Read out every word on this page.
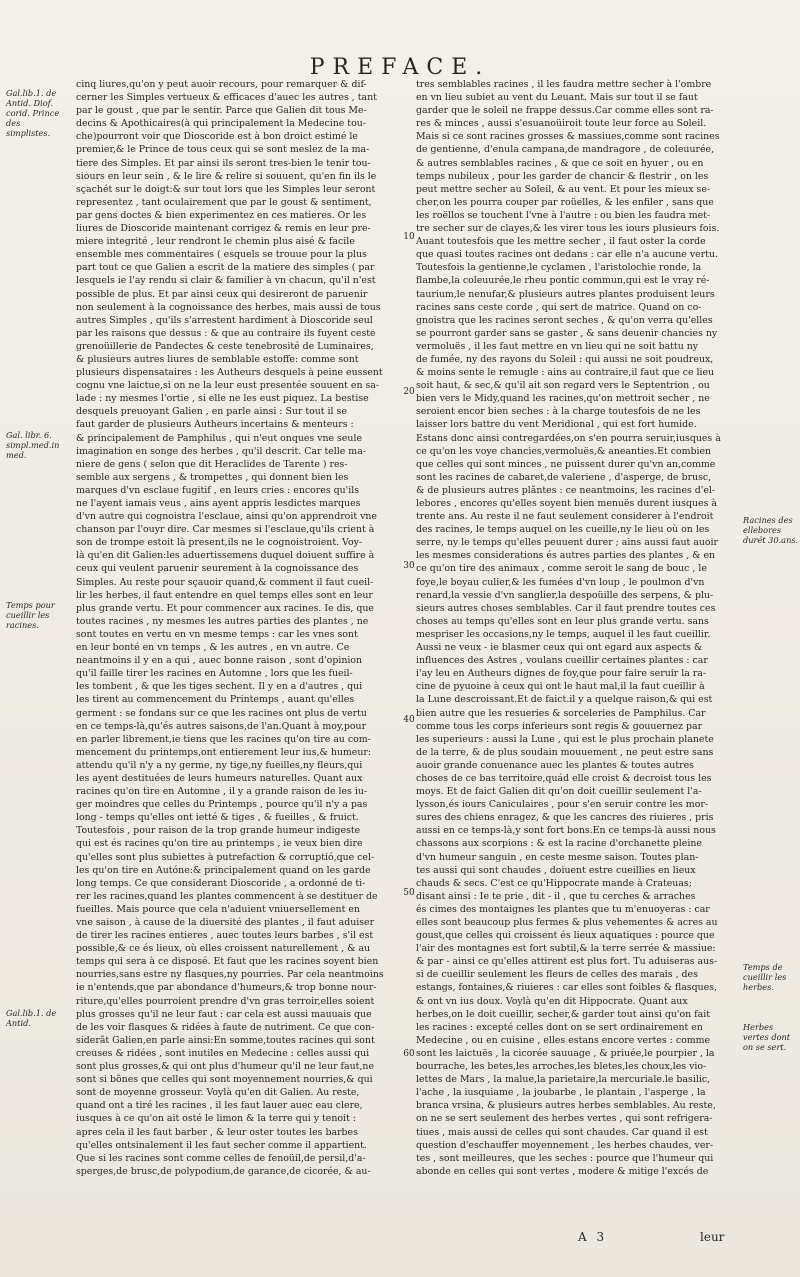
PREFACE.
Gal.lib.1. de Antid. Diof. corid. Prince des simplistes.
Gal. libr. 6. simpl.med.in med.
Temps pour cueillir les racines.
Gal.lib.1. de Antid.
Racines des ellebores durét 30.ans.
Temps de cueillir les herbes.
Herbes vertes dont on se sert.
10
20
30
40
50
60
cinq liures,qu'on y peut auoir recours, pour remarquer & dif-
cerner les Simples vertueux & efficaces d'auec les autres , tant
par le goust , que par le sentir. Parce que Galien dit tous Me-
decins & Apothicaires(à qui principalement la Medecine tou-
che)pourront voir que Dioscoride est à bon droict estimé le
premier,& le Prince de tous ceux qui se sont meslez de la ma-
tiere des Simples. Et par ainsi ils seront tres-bien le tenir tou-
siours en leur sein , & le lire & relire si souuent, qu'en fin ils le
sçachét sur le doigt:& sur tout lors que les Simples leur seront
representez , tant oculairement que par le goust & sentiment,
par gens doctes & bien experimentez en ces matieres. Or les
liures de Dioscoride maintenant corrigez & remis en leur pre-
miere integrité , leur rendront le chemin plus aisé & facile
ensemble mes commentaires ( esquels se trouue pour la plus
part tout ce que Galien a escrit de la matiere des simples ( par
lesquels ie l'ay rendu si clair & familier à vn chacun, qu'il n'est
possible de plus. Et par ainsi ceux qui desireront de paruenir
non seulement à la cognoissance des herbes, mais aussi de tous
autres Simples , qu'ils s'arrestent hardiment à Dioscoride seul
par les raisons que dessus : & que au contraire ils fuyent ceste
grenoüillerie de Pandectes & ceste tenebrosité de Luminaires,
& plusieurs autres liures de semblable estoffe: comme sont
plusieurs dispensataires : les Autheurs desquels à peine eussent
cognu vne laictue,si on ne la leur eust presentée souuent en sa-
lade : ny mesmes l'ortie , si elle ne les eust piquez. La bestise
desquels preuoyant Galien , en parle ainsi : Sur tout il se
faut garder de plusieurs Autheurs incertains & menteurs :
& principalement de Pamphilus , qui n'eut onques vne seule
imagination en songe des herbes , qu'il descrit. Car telle ma-
niere de gens ( selon que dit Heraclides de Tarente ) res-
semble aux sergens , & trompettes , qui donnent bien les
marques d'vn esclaue fugitif , en leurs cries : encores qu'ils
ne l'ayent iamais veus , ains ayent appris lesdictes marques
d'vn autre qui cognoistra l'esclaue, ainsi qu'on apprendroit vne
chanson par l'ouyr dire. Car mesmes si l'esclaue,qu'ils crient à
son de trompe estoit là present,ils ne le cognoistroient. Voy-
là qu'en dit Galien:les aduertissemens duquel doiuent suffire à
ceux qui veulent paruenir seurement à la cognoissance des
Simples. Au reste pour sçauoir quand,& comment il faut cueil-
lir les herbes, il faut entendre en quel temps elles sont en leur
plus grande vertu. Et pour commencer aux racines. Ie dis, que
toutes racines , ny mesmes les autres parties des plantes , ne
sont toutes en vertu en vn mesme temps : car les vnes sont
en leur bonté en vn temps , & les autres , en vn autre. Ce
neantmoins il y en a qui , auec bonne raison , sont d'opinion
qu'il faille tirer les racines en Automne , lors que les fueil-
les tombent , & que les tiges sechent. Il y en a d'autres , qui
les tirent au commencement du Printemps , auant qu'elles
germent : se fondans sur ce que les racines ont plus de vertu
en ce temps-là,qu'és autres saisons,de l'an.Quant à moy,pour
en parler librement,ie tiens que les racines qu'on tire au com-
mencement du printemps,ont entierement leur ius,& humeur:
attendu qu'il n'y a ny germe, ny tige,ny fueilles,ny fleurs,qui
les ayent destituées de leurs humeurs naturelles. Quant aux
racines qu'on tire en Automne , il y a grande raison de les iu-
ger moindres que celles du Printemps , pource qu'il n'y a pas
long - temps qu'elles ont ietté & tiges , & fueilles , & fruict.
Toutesfois , pour raison de la trop grande humeur indigeste
qui est és racines qu'on tire au printemps , ie veux bien dire
qu'elles sont plus subiettes à putrefaction & corruptió,que cel-
les qu'on tire en Autóne:& principalement quand on les garde
long temps. Ce que considerant Dioscoride , a ordonné de ti-
rer les racines,quand les plantes commencent à se destituer de
fueilles. Mais pource que cela n'aduient vniuersellement en
vne saison , à cause de la diuersité des plantes , il faut aduiser
de tirer les racines entieres , auec toutes leurs barbes , s'il est
possible,& ce és lieux, où elles croissent naturellement , & au
temps qui sera à ce disposé. Et faut que les racines soyent bien
nourries,sans estre ny flasques,ny pourries. Par cela neantmoins
ie n'entends,que par abondance d'humeurs,& trop bonne nour-
riture,qu'elles pourroient prendre d'vn gras terroir,elles soient
plus grosses qu'il ne leur faut : car cela est aussi mauuais que
de les voir flasques & ridées à faute de nutriment. Ce que con-
siderãt Galien,en parle ainsi:En somme,toutes racines qui sont
creuses & ridées , sont inutiles en Medecine : celles aussi qui
sont plus grosses,& qui ont plus d'humeur qu'il ne leur faut,ne
sont si bõnes que celles qui sont moyennement nourries,& qui
sont de moyenne grosseur. Voylà qu'en dit Galien. Au reste,
quand ont a tiré les racines , il les faut lauer auec eau clere,
iusques à ce qu'on ait osté le limon & la terre qui y tenoit :
apres cela il les faut barber , & leur oster toutes les barbes
qu'elles ontsinalement il les faut secher comme il appartient.
Que si les racines sont comme celles de fenoüil,de persil,d'a-
sperges,de brusc,de polypodium,de garance,de cicorée, & au-
tres semblables racines , il les faudra mettre secher à l'ombre
en vn lieu subiet au vent du Leuant. Mais sur tout il se faut
garder que le soleil ne frappe dessus.Car comme elles sont ra-
res & minces , aussi s'esuanoüiroit toute leur force au Soleil.
Mais si ce sont racines grosses & massiues,comme sont racines
de gentienne, d'enula campana,de mandragore , de coleuurée,
& autres semblables racines , & que ce soit en hyuer , ou en
temps nubileux , pour les garder de chancir & flestrir , on les
peut mettre secher au Soleil, & au vent. Et pour les mieux se-
cher,on les pourra couper par roüelles, & les enfiler , sans que
les roëllos se touchent l'vne à l'autre : ou bien les faudra met-
tre secher sur de clayes,& les virer tous les iours plusieurs fois.
Auant toutesfois que les mettre secher , il faut oster la corde
que quasi toutes racines ont dedans : car elle n'a aucune vertu.
Toutesfois la gentienne,le cyclamen , l'aristolochie ronde, la
flambe,la coleuurée,le rheu pontic commun,qui est le vray ré-
taurium,le nenufar,& plusieurs autres plantes produisent leurs
racines sans ceste corde , qui sert de matrice. Quand on co-
gnoistra que les racines seront seches , & qu'on verra qu'elles
se pourront garder sans se gaster , & sans deuenir chancies ny
vermoluës , il les faut mettre en vn lieu qui ne soit battu ny
de fumée, ny des rayons du Soleil : qui aussi ne soit poudreux,
& moins sente le remugle : ains au contraire,il faut que ce lieu
soit haut, & sec,& qu'il ait son regard vers le Septentrion , ou
bien vers le Midy,quand les racines,qu'on mettroit secher , ne
seroient encor bien seches : à la charge toutesfois de ne les
laisser lors battre du vent Meridional , qui est fort humide.
Estans donc ainsi contregardées,on s'en pourra seruir,iusques à
ce qu'on les voye chancies,vermoluës,& aneanties.Et combien
que celles qui sont minces , ne puissent durer qu'vn an,comme
sont les racines de cabaret,de valeriene , d'asperge, de brusc,
& de plusieurs autres plãntes : ce neantmoins, les racines d'el-
lebores , encores qu'elles soyent bien menuës durent iusques à
trente ans. Au reste il ne faut seulement considerer à l'endroit
des racines, le temps auquel on les cueille,ny le lieu où on les
serre, ny le temps qu'elles peuuent durer ; ains aussi faut auoir
les mesmes considerations és autres parties des plantes , & en
ce qu'on tire des animaux , comme seroit le sang de bouc , le
foye,le boyau culier,& les fumées d'vn loup , le poulmon d'vn
renard,la vessie d'vn sanglier,la despoüille des serpens, & plu-
sieurs autres choses semblables. Car il faut prendre toutes ces
choses au temps qu'elles sont en leur plus grande vertu. sans
mespriser les occasions,ny le temps, auquel il les faut cueillir.
Aussi ne veux - ie blasmer ceux qui ont egard aux aspects &
influences des Astres , voulans cueillir certaines plantes : car
i'ay leu en Autheurs dignes de foy,que pour faire seruir la ra-
cine de pyuoine à ceux qui ont le haut mal,il la faut cueillir à
la Lune descroissant.Et de faict.il y a quelque raison,& qui est
bien autre que les resueries & sorceleries de Pamphilus. Car
comme tous les corps inferieurs sont regis & gouuernez par
les superieurs : aussi la Lune , qui est le plus prochain planete
de la terre, & de plus soudain mouuement , ne peut estre sans
auoir grande conuenance auec les plantes & toutes autres
choses de ce bas territoire,quád elle croist & decroist tous les
moys. Et de faict Galien dit qu'on doit cueillir seulement l'a-
lysson,és iours Caniculaires , pour s'en seruir contre les mor-
sures des chiens enragez, & que les cancres des riuieres , pris
aussi en ce temps-là,y sont fort bons.En ce temps-là aussi nous
chassons aux scorpions : & est la racine d'orchanette pleine
d'vn humeur sanguin , en ceste mesme saison. Toutes plan-
tes aussi qui sont chaudes , doiuent estre cueillies en lieux
chauds & secs. C'est ce qu'Hippocrate mande à Crateuas;
disant ainsi : Ie te prie , dit - il , que tu cerches & arraches
és cimes des montaignes les plantes que tu m'enuoyeras : car
elles sont beaucoup plus fermes & plus vehementes & acres au
goust,que celles qui croissent és lieux aquatiques : pource que
l'air des montagnes est fort subtil,& la terre serrée & massiue:
& par - ainsi ce qu'elles attirent est plus fort. Tu aduiseras aus-
si de cueillir seulement les fleurs de celles des marais , des
estangs, fontaines,& riuieres : car elles sont foibles & flasques,
& ont vn ius doux. Voylà qu'en dit Hippocrate. Quant aux
herbes,on le doit cueillir, secher,& garder tout ainsi qu'on fait
les racines : excepté celles dont on se sert ordinairement en
Medecine , ou en cuisine , elles estans encore vertes : comme
sont les laictuës , la cicorée sauuage , & priuée,le pourpier , la
bourrache, les betes,les arroches,les bletes,les choux,les vio-
lettes de Mars , la malue,la parietaire,la mercuriale.le basilic,
l'ache , la iusquiame , la joubarbe , le plantain , l'asperge , la
branca vrsina, & plusieurs autres herbes semblables. Au reste,
on ne se sert seulement des herbes vertes , qui sont refrigera-
tiues , mais aussi de celles qui sont chaudes. Car quand il est
question d'eschauffer moyennement , les herbes chaudes, ver-
tes , sont meilleures, que les seches : pource que l'humeur qui
abonde en celles qui sont vertes , modere & mitige l'excés de
A 3	leur
